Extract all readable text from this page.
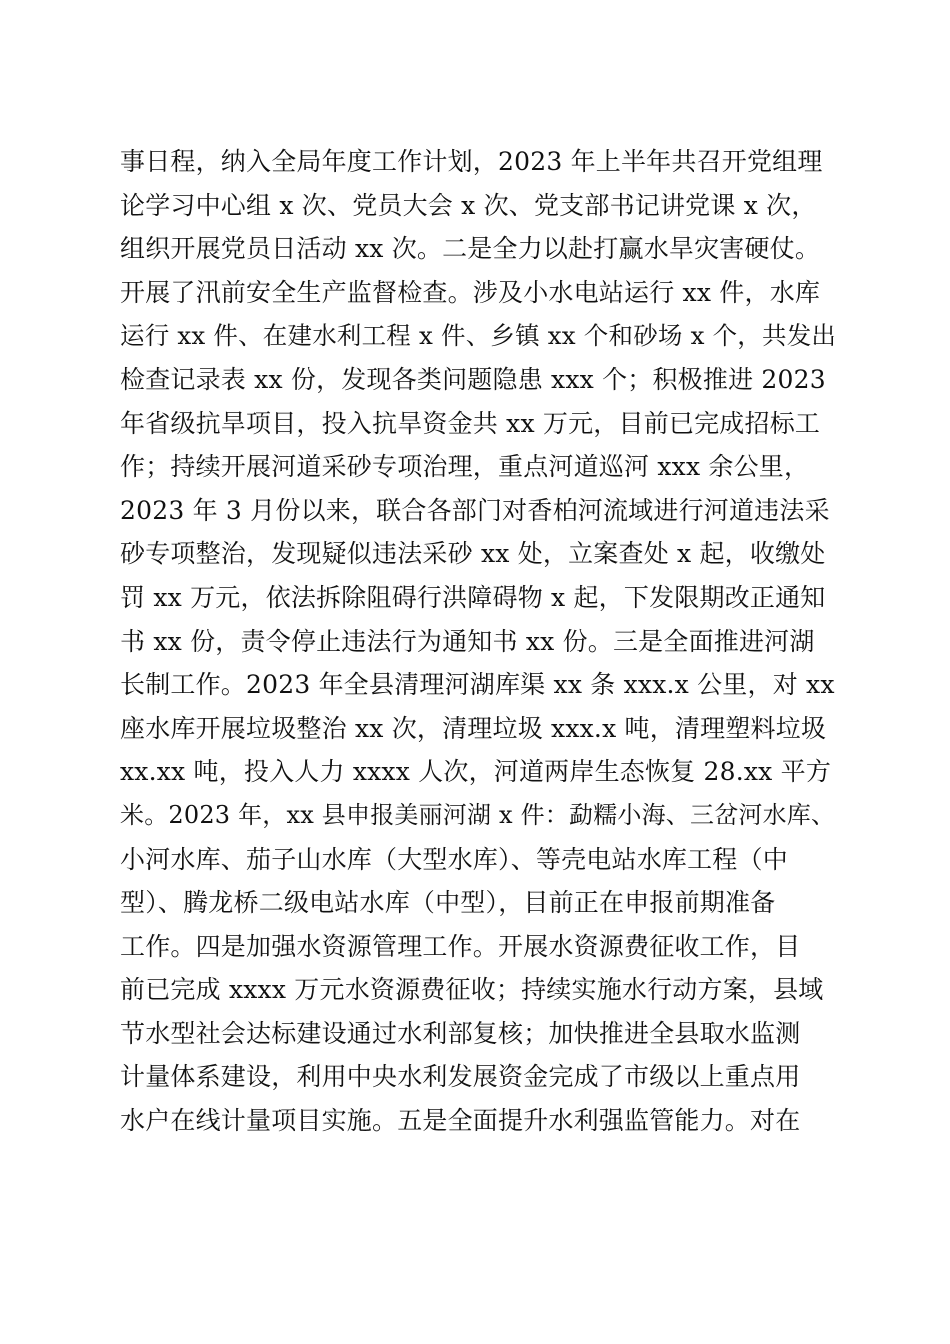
事日程，纳入全局年度工作计划，2023 年上半年共召开党组理
论学习中心组 x 次、党员大会 x 次、党支部书记讲党课 x 次，
组织开展党员日活动 xx 次。二是全力以赴打赢水旱灾害硬仗。
开展了汛前安全生产监督检查。涉及小水电站运行 xx 件，水库
运行 xx 件、在建水利工程 x 件、乡镇 xx 个和砂场 x 个，共发出
检查记录表 xx 份，发现各类问题隐患 xxx 个；积极推进 2023
年省级抗旱项目，投入抗旱资金共 xx 万元，目前已完成招标工
作；持续开展河道采砂专项治理，重点河道巡河 xxx 余公里，
2023 年 3 月份以来，联合各部门对香柏河流域进行河道违法采
砂专项整治，发现疑似违法采砂 xx 处，立案查处 x 起，收缴处
罚 xx 万元，依法拆除阻碍行洪障碍物 x 起，下发限期改正通知
书 xx 份，责令停止违法行为通知书 xx 份。三是全面推进河湖
长制工作。2023 年全县清理河湖库渠 xx 条 xxx.x 公里，对 xx
座水库开展垃圾整治 xx 次，清理垃圾 xxx.x 吨，清理塑料垃圾
xx.xx 吨，投入人力 xxxx 人次，河道两岸生态恢复 28.xx 平方
米。2023 年，xx 县申报美丽河湖 x 件：勐糯小海、三岔河水库、
小河水库、茄子山水库（大型水库）、等壳电站水库工程（中
型）、腾龙桥二级电站水库（中型），目前正在申报前期准备
工作。四是加强水资源管理工作。开展水资源费征收工作，目
前已完成 xxxx 万元水资源费征收；持续实施水行动方案，县域
节水型社会达标建设通过水利部复核；加快推进全县取水监测
计量体系建设，利用中央水利发展资金完成了市级以上重点用
水户在线计量项目实施。五是全面提升水利强监管能力。对在
